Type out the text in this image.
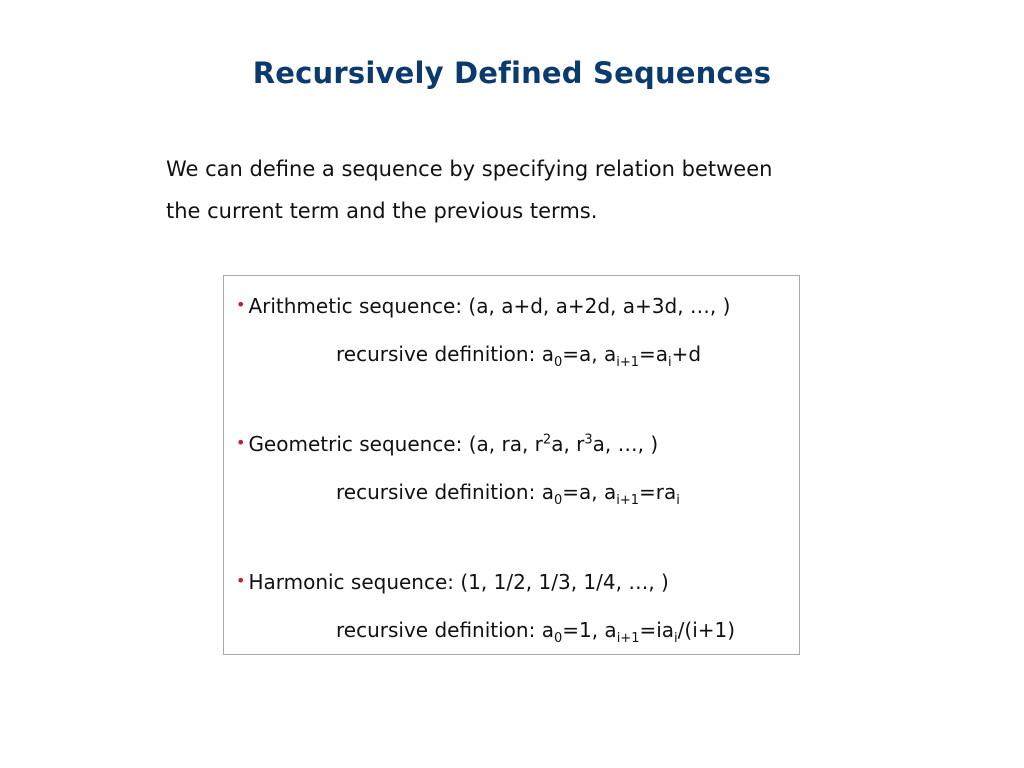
Recursively Defined Sequences
We can define a sequence by specifying relation between
the current term and the previous terms.
• Arithmetic sequence: (a, a+d, a+2d, a+3d, …, )
recursive definition: $a_0=a$, $a_{i+1}=a_i+d$
• Geometric sequence: (a, ra, $r^2a$, $r^3a$, …, )
recursive definition: $a_0=a$, $a_{i+1}=ra_i$
• Harmonic sequence: (1, 1/2, 1/3, 1/4, …, )
recursive definition: $a_0=1$, $a_{i+1}=ia_i/(i+1)$
